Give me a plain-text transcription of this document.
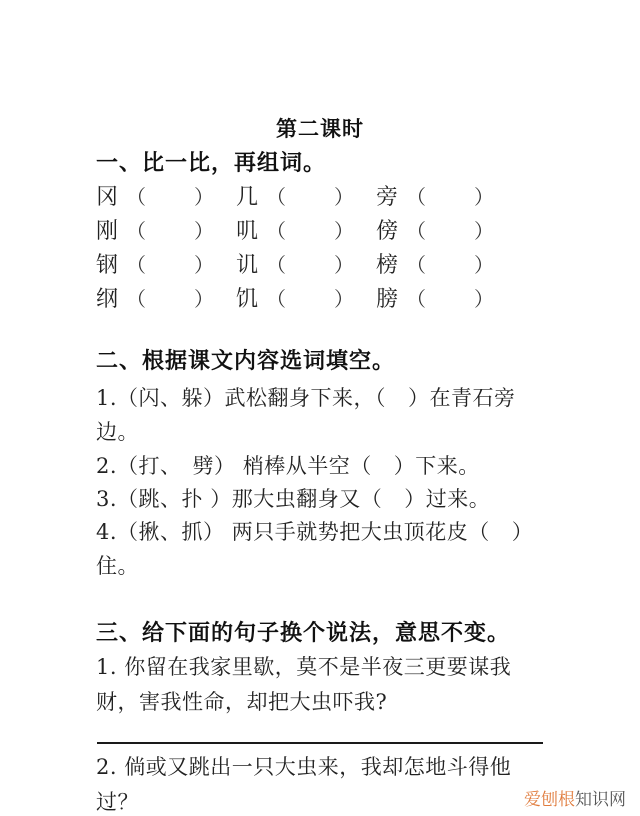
第二课时
一、比一比，再组词。
冈 （ ） 几 （ ） 旁 （ ）
刚 （ ） 叽 （ ） 傍 （ ）
钢 （ ） 讥 （ ） 榜 （ ）
纲 （ ） 饥 （ ） 膀 （ ）
二、根据课文内容选词填空。
1.（闪、躲）武松翻身下来，（ ）在青石旁
边。
2.（打、　劈） 梢棒从半空（ ）下来。
3.（跳、扑 ）那大虫翻身又（ ）过来。
4.（揪、抓） 两只手就势把大虫顶花皮（ ）
住。
三、给下面的句子换个说法，意思不变。
1. 你留在我家里歇，莫不是半夜三更要谋我
财，害我性命，却把大虫吓我?
2. 倘或又跳出一只大虫来，我却怎地斗得他
过？	爱刨根知识网
